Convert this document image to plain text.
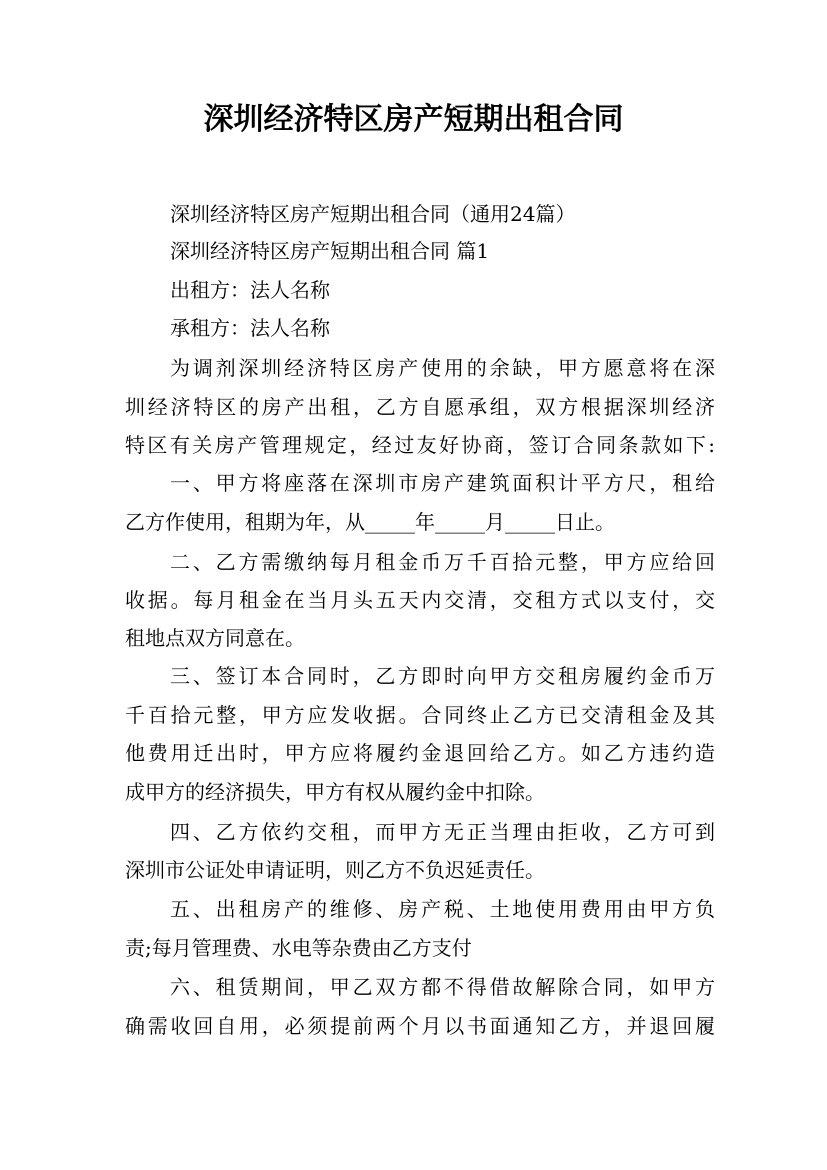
深圳经济特区房产短期出租合同
深圳经济特区房产短期出租合同（通用24篇）
深圳经济特区房产短期出租合同 篇1
出租方：法人名称
承租方：法人名称
为调剂深圳经济特区房产使用的余缺，甲方愿意将在深
圳经济特区的房产出租，乙方自愿承组，双方根据深圳经济
特区有关房产管理规定，经过友好协商，签订合同条款如下:
一、甲方将座落在深圳市房产建筑面积计平方尺，租给
乙方作使用，租期为年，从_____年_____月_____日止。
二、乙方需缴纳每月租金币万千百拾元整，甲方应给回
收据。每月租金在当月头五天内交清，交租方式以支付，交
租地点双方同意在。
三、签订本合同时，乙方即时向甲方交租房履约金币万
千百拾元整，甲方应发收据。合同终止乙方已交清租金及其
他费用迁出时，甲方应将履约金退回给乙方。如乙方违约造
成甲方的经济损失，甲方有权从履约金中扣除。
四、乙方依约交租，而甲方无正当理由拒收，乙方可到
深圳市公证处申请证明，则乙方不负迟延责任。
五、出租房产的维修、房产税、土地使用费用由甲方负
责;每月管理费、水电等杂费由乙方支付
六、租赁期间，甲乙双方都不得借故解除合同，如甲方
确需收回自用，必须提前两个月以书面通知乙方，并退回履
